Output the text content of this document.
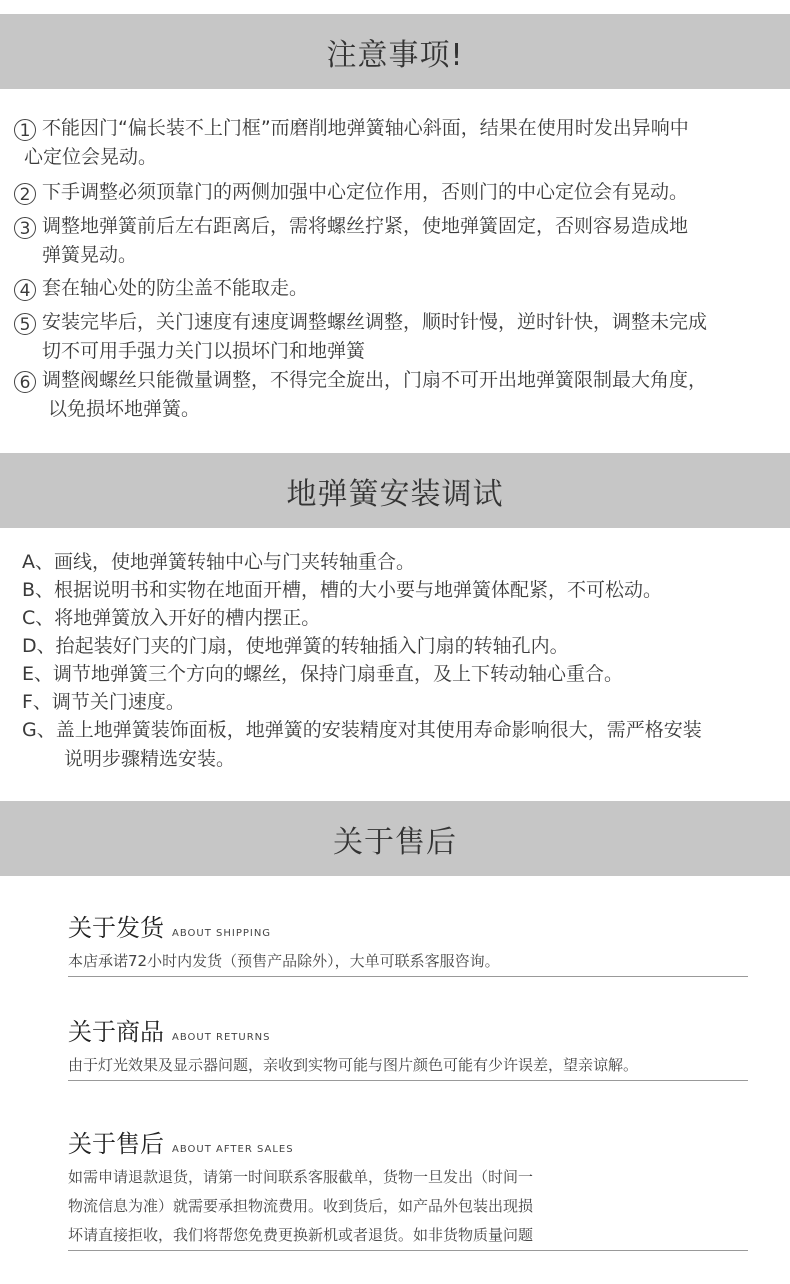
注意事项!
1 不能因门“偏长装不上门框”而磨削地弹簧轴心斜面，结果在使用时发出异响中
心定位会晃动。
2 下手调整必须顶靠门的两侧加强中心定位作用，否则门的中心定位会有晃动。
3 调整地弹簧前后左右距离后，需将螺丝拧紧，使地弹簧固定，否则容易造成地
弹簧晃动。
4 套在轴心处的防尘盖不能取走。
5 安装完毕后，关门速度有速度调整螺丝调整，顺时针慢，逆时针快，调整未完成
切不可用手强力关门以损坏门和地弹簧
6 调整阀螺丝只能微量调整，不得完全旋出，门扇不可开出地弹簧限制最大角度，
以免损坏地弹簧。
地弹簧安装调试
A、画线，使地弹簧转轴中心与门夹转轴重合。
B、根据说明书和实物在地面开槽，槽的大小要与地弹簧体配紧，不可松动。
C、将地弹簧放入开好的槽内摆正。
D、抬起装好门夹的门扇，使地弹簧的转轴插入门扇的转轴孔内。
E、调节地弹簧三个方向的螺丝，保持门扇垂直，及上下转动轴心重合。
F、调节关门速度。
G、盖上地弹簧装饰面板，地弹簧的安装精度对其使用寿命影响很大，需严格安装
说明步骤精选安装。
关于售后
关于发货 ABOUT SHIPPING
本店承诺72小时内发货（预售产品除外），大单可联系客服咨询。
关于商品 ABOUT RETURNS
由于灯光效果及显示器问题，亲收到实物可能与图片颜色可能有少许误差，望亲谅解。
关于售后 ABOUT AFTER SALES
如需申请退款退货，请第一时间联系客服截单，货物一旦发出（时间一
物流信息为准）就需要承担物流费用。收到货后，如产品外包装出现损
坏请直接拒收，我们将帮您免费更换新机或者退货。如非货物质量问题
